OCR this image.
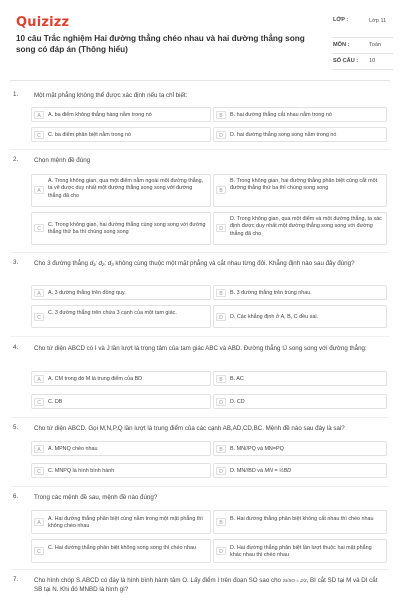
Quizizz
10 câu Trắc nghiệm Hai đường thẳng chéo nhau và hai đường thẳng song song có đáp án (Thông hiểu)
LỚP :	Lớp 11
MÔN :	Toán
SỐ CÂU : 10
1.	Một mặt phẳng không thể được xác định nếu ta chỉ biết:
A	A. ba điểm không thẳng hàng nằm trong nó	B	B. hai đường thẳng cắt nhau nằm trong nó
C	C. ba điểm phân biệt nằm trong nó	D	D. hai đường thẳng song song nằm trong nó
2.	Chọn mệnh đề đúng
A
A. Trong không gian, qua một điểm nằm ngoài một đường thẳng, ta vẽ được duy nhất một đường thẳng song song với đường thẳng đã cho
B
B. Trong không gian, hai đường thẳng phân biệt cùng cắt một đường thẳng thứ ba thì chúng song song
C
C. Trong không gian, hai đường thẳng cùng song song với đường thẳng thứ ba thì chúng song song
D
D. Trong không gian, qua một điểm và một đường thẳng, ta xác định được duy nhất một đường thẳng song song với đường thẳng đã cho
3.	Cho 3 đường thẳng d₁; d₂; d₃ không cùng thuộc một mặt phẳng và cắt nhau từng đôi. Khẳng định nào sau đây đúng?
A	A. 3 đường thẳng trên đồng quy.	B	B. 3 đường thẳng trên trùng nhau.
C
C. 3 đường thẳng trên chứa 3 cạnh của một tam giác.
D	D. Các khẳng định ở A, B, C đều sai.
4.	Cho tứ diện ABCD có I và J lần lượt là trọng tâm của tam giác ABC và ABD. Đường thẳng IJ song song với đường thẳng:
A	A. CM trong đó M là trung điểm của BD	B	B. AC
C	C. DB	D	D. CD
5.	Cho tứ diện ABCD. Gọi M,N,P,Q lần lượt là trung điểm của các cạnh AB,AD,CD,BC. Mệnh đề nào sau đây là sai?
A	A. MPNQ chéo nhau	B	B. MN//PQ và MN=PQ
C	C. MNPQ là hình bình hành	D	D. MN//BD và MN = ½BD
6.	Trong các mệnh đề sau, mệnh đề nào đúng?
A
A. Hai đường thẳng phân biệt cùng nằm trong một mặt phẳng thì không chéo nhau
B
B. Hai đường thẳng phân biệt không cắt nhau thì chéo nhau
C
C. Hai đường thẳng phân biệt không song song thì chéo nhau
D
D. Hai đường thẳng phân biệt lần lượt thuộc hai mặt phẳng khác nhau thì chéo nhau
7.	Cho hình chóp S.ABCD có đáy là hình bình hành tâm O. Lấy điểm I trên đoạn SO sao cho SI/SO = 2/3, BI cắt SD tại M và DI cắt SB tại N. Khi đó MNBD là hình gì?
